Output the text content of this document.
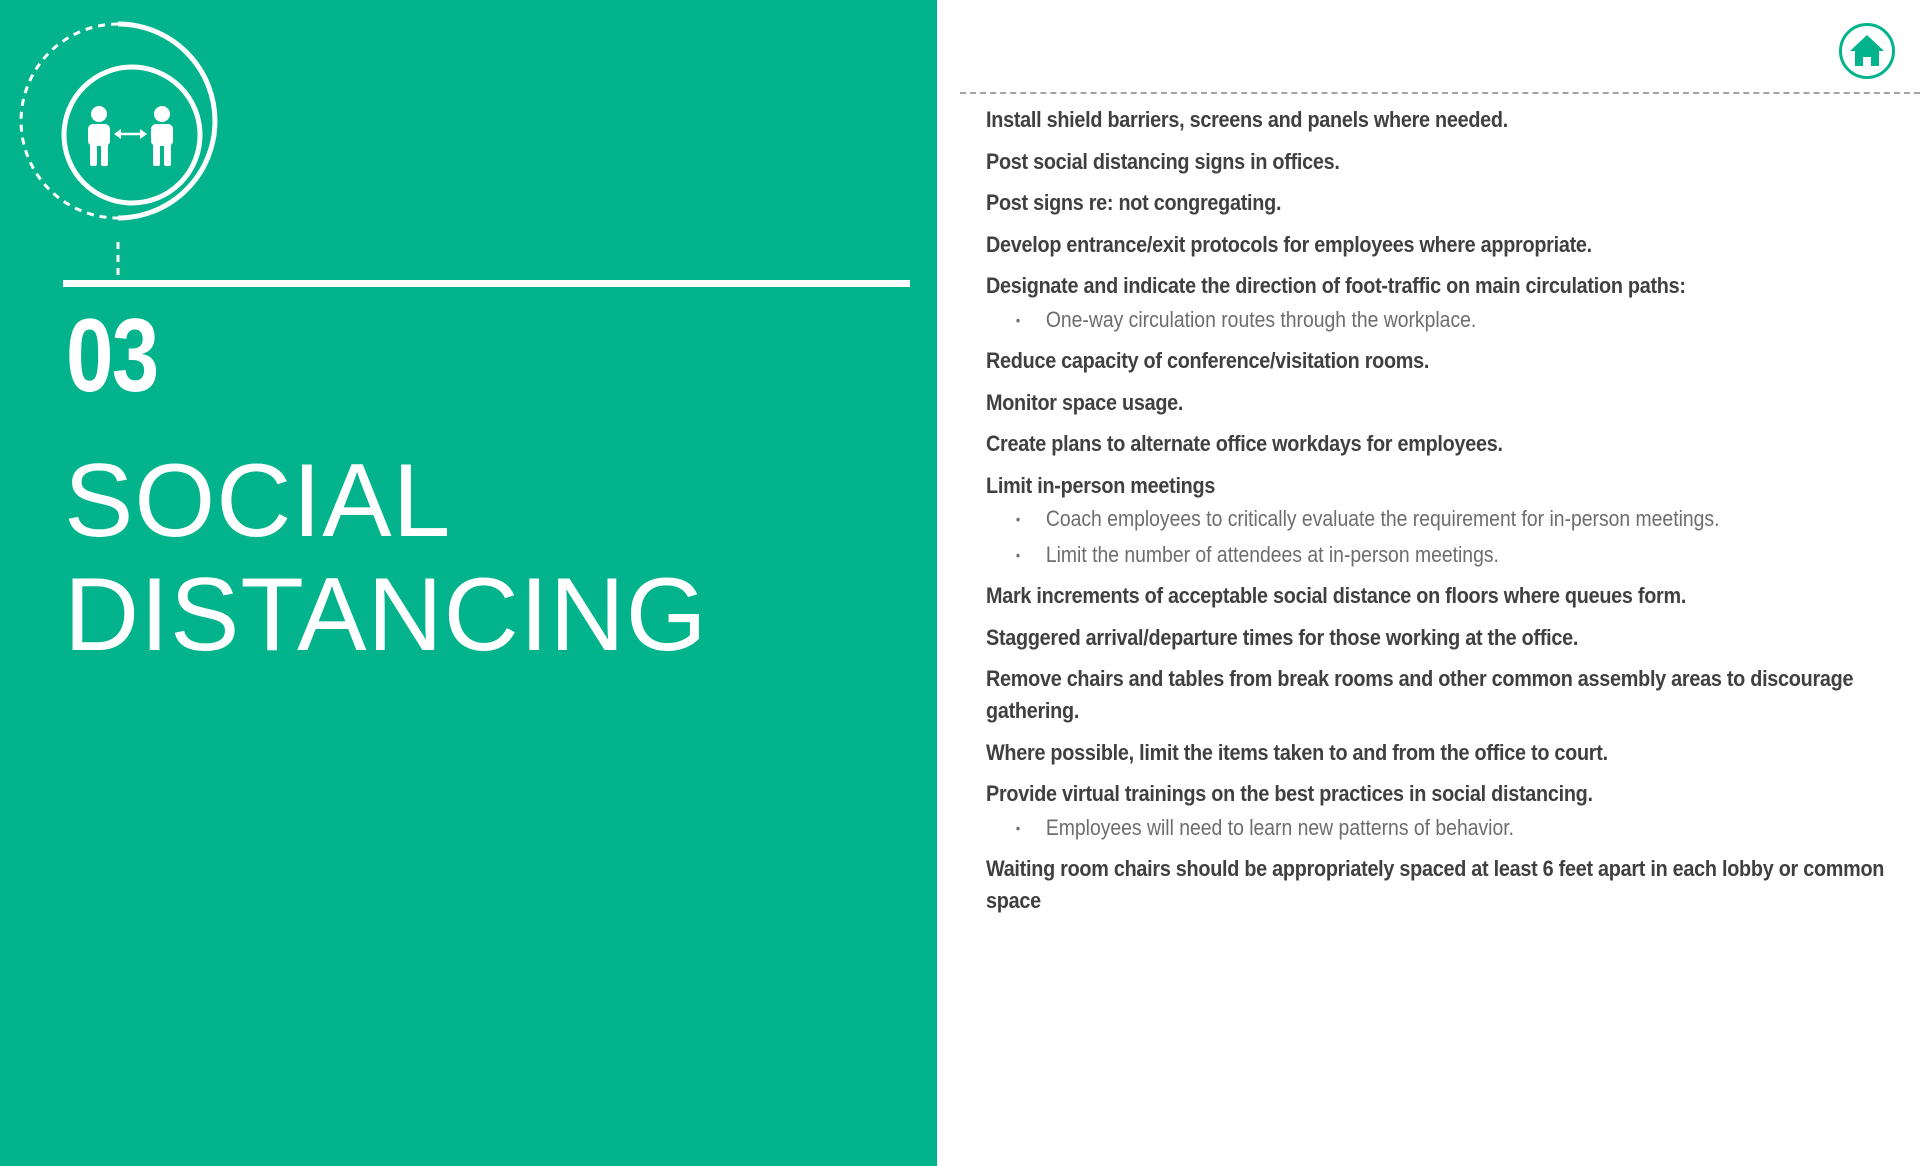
03
SOCIAL
DISTANCING
Install shield barriers, screens and panels where needed.
Post social distancing signs in offices.
Post signs re: not congregating.
Develop entrance/exit protocols for employees where appropriate.
Designate and indicate the direction of foot-traffic on main circulation paths:
• One-way circulation routes through the workplace.
Reduce capacity of conference/visitation rooms.
Monitor space usage.
Create plans to alternate office workdays for employees.
Limit in-person meetings
• Coach employees to critically evaluate the requirement for in-person meetings.
• Limit the number of attendees at in-person meetings.
Mark increments of acceptable social distance on floors where queues form.
Staggered arrival/departure times for those working at the office.
Remove chairs and tables from break rooms and other common assembly areas to discourage gathering.
Where possible, limit the items taken to and from the office to court.
Provide virtual trainings on the best practices in social distancing.
• Employees will need to learn new patterns of behavior.
Waiting room chairs should be appropriately spaced at least 6 feet apart in each lobby or common space
